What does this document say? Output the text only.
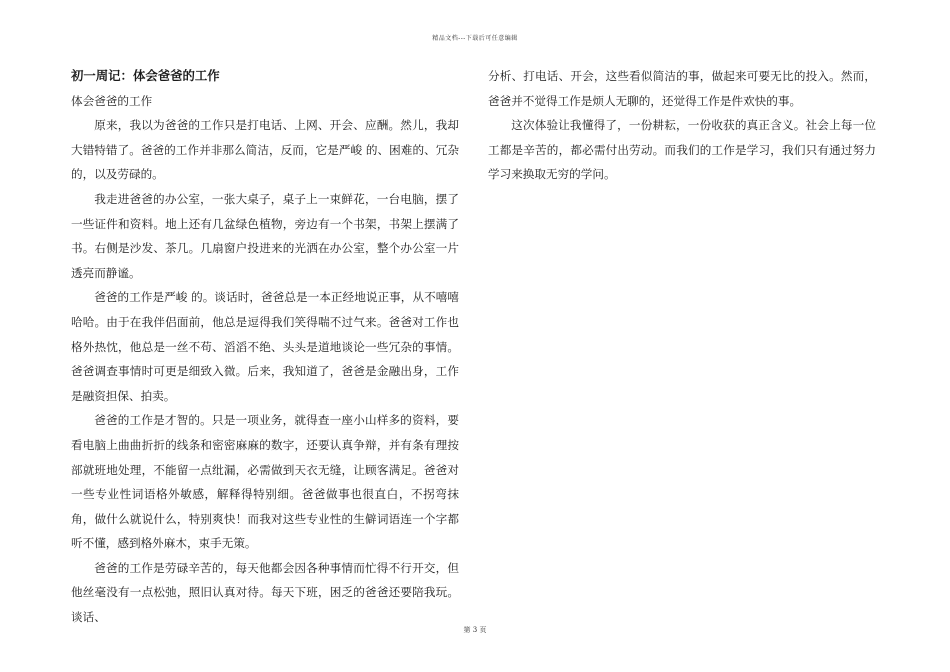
精品文档---下载后可任意编辑
初一周记：体会爸爸的工作
体会爸爸的工作

原来，我以为爸爸的工作只是打电话、上网、开会、应酬。然儿，我却大错特错了。爸爸的工作并非那么简洁，反而，它是严峻 的、困难的、冗杂的，以及劳碌的。

我走进爸爸的办公室，一张大桌子，桌子上一束鲜花，一台电脑，摆了一些证件和资料。地上还有几盆绿色植物，旁边有一个书架，书架上摆满了书。右侧是沙发、茶几。几扇窗户投进来的光洒在办公室，整个办公室一片透亮而静谧。

爸爸的工作是严峻 的。谈话时，爸爸总是一本正经地说正事，从不嘻嘻哈哈。由于在我伴侣面前，他总是逗得我们笑得喘不过气来。爸爸对工作也格外热忱，他总是一丝不苟、滔滔不绝、头头是道地谈论一些冗杂的事情。爸爸调查事情时可更是细致入微。后来，我知道了，爸爸是金融出身，工作是融资担保、拍卖。

爸爸的工作是才智的。只是一项业务，就得查一座小山样多的资料，要看电脑上曲曲折折的线条和密密麻麻的数字，还要认真争辩，并有条有理按部就班地处理，不能留一点纰漏，必需做到天衣无缝，让顾客满足。爸爸对一些专业性词语格外敏感，解释得特别细。爸爸做事也很直白，不拐弯抹角，做什么就说什么，特别爽快！而我对这些专业性的生僻词语连一个字都听不懂，感到格外麻木，束手无策。

爸爸的工作是劳碌辛苦的，每天他都会因各种事情而忙得不行开交，但他丝毫没有一点松弛，照旧认真对待。每天下班，困乏的爸爸还要陪我玩。谈话、

分析、打电话、开会，这些看似简洁的事，做起来可要无比的投入。然而，爸爸并不觉得工作是烦人无聊的，还觉得工作是件欢快的事。

这次体验让我懂得了，一份耕耘，一份收获的真正含义。社会上每一位工都是辛苦的，都必需付出劳动。而我们的工作是学习，我们只有通过努力学习来换取无穷的学问。

第 3 页
